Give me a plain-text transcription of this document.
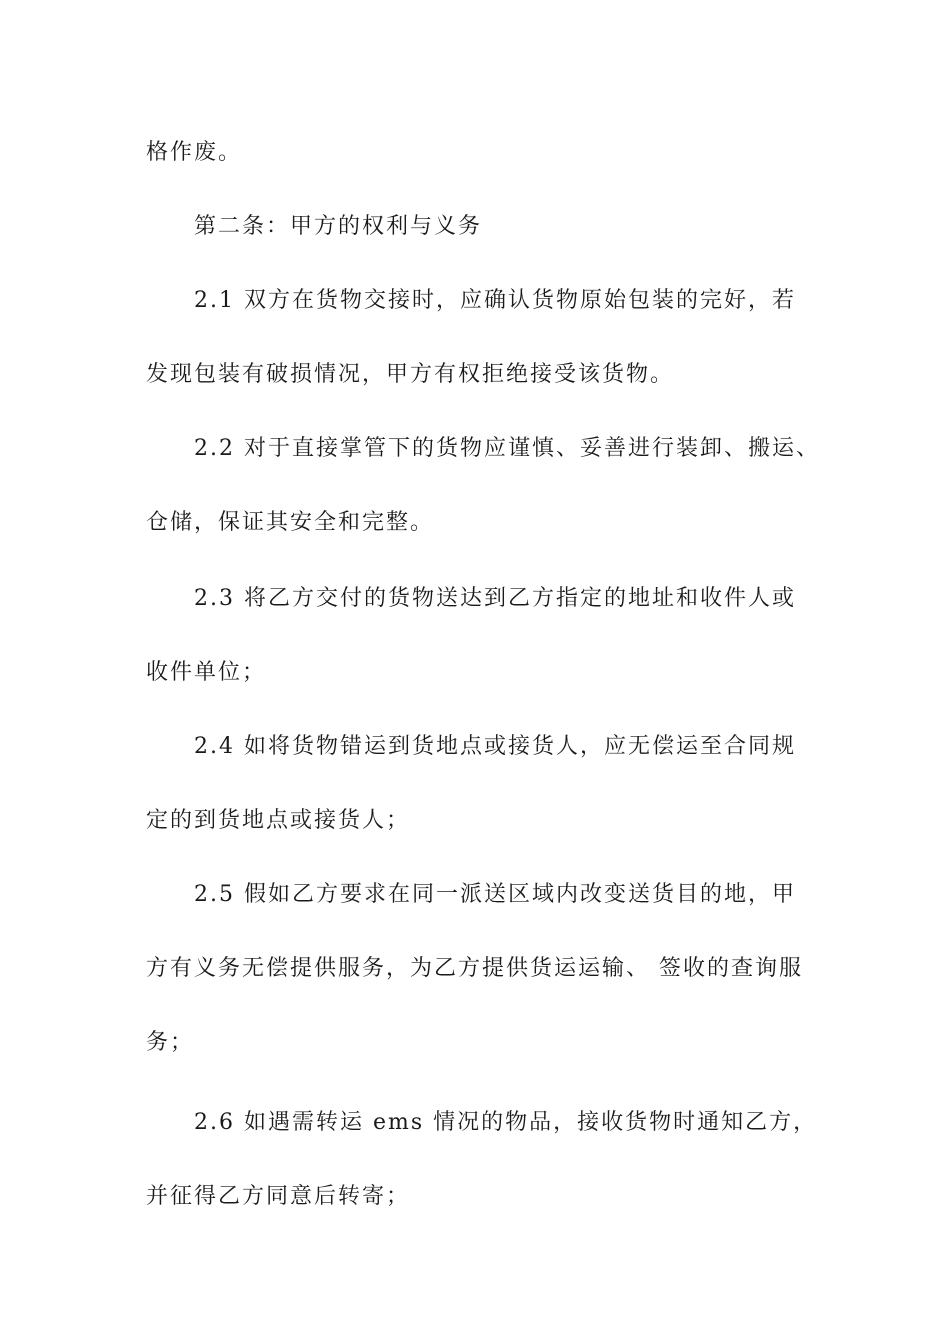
格作废。
第二条：甲方的权利与义务
2.1 双方在货物交接时，应确认货物原始包装的完好，若
发现包装有破损情况，甲方有权拒绝接受该货物。
2.2 对于直接掌管下的货物应谨慎、妥善进行装卸、搬运、
仓储，保证其安全和完整。
2.3 将乙方交付的货物送达到乙方指定的地址和收件人或
收件单位；
2.4 如将货物错运到货地点或接货人，应无偿运至合同规
定的到货地点或接货人；
2.5 假如乙方要求在同一派送区域内改变送货目的地，甲
方有义务无偿提供服务，为乙方提供货运运输、 签收的查询服
务；
2.6 如遇需转运 ems 情况的物品，接收货物时通知乙方，
并征得乙方同意后转寄；
